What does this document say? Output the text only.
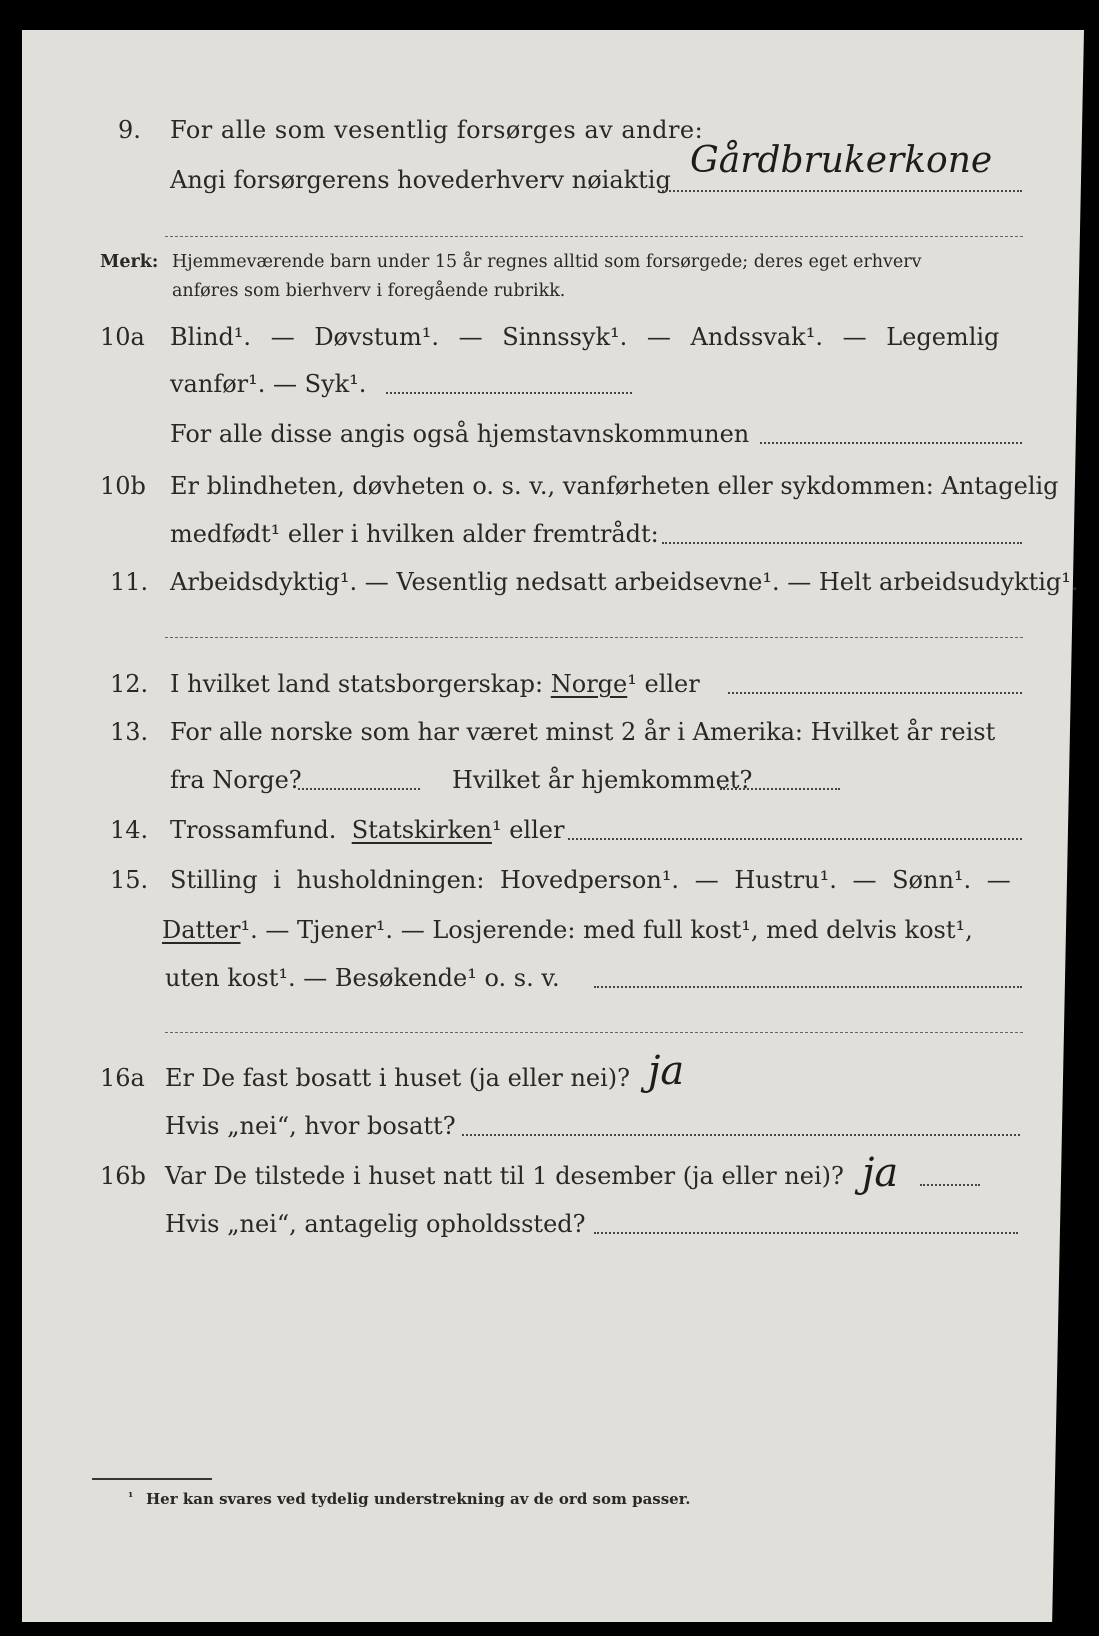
9. For alle som vesentlig forsørges av andre:
Angi forsørgerens hovederhverv nøiaktig Gårdbrukerkone
Merk: Hjemmeværende barn under 15 år regnes alltid som forsørgede; deres eget erhverv
anføres som bierhverv i foregående rubrikk.
10a Blind¹. — Døvstum¹. — Sinnssyk¹. — Andssvak¹. — Legemlig
vanfør¹. — Syk¹.
For alle disse angis også hjemstavnskommunen
10b Er blindheten, døvheten o. s. v., vanførheten eller sykdommen: Antagelig
medfødt¹ eller i hvilken alder fremtrådt:
11. Arbeidsdyktig¹. — Vesentlig nedsatt arbeidsevne¹. — Helt arbeidsudyktig¹.
12. I hvilket land statsborgerskap: Norge¹ eller
13. For alle norske som har været minst 2 år i Amerika: Hvilket år reist
fra Norge?	Hvilket år hjemkommet?
14. Trossamfund. Statskirken¹ eller
15. Stilling i husholdningen: Hovedperson¹. — Hustru¹. — Sønn¹. —
Datter¹. — Tjener¹. — Losjerende: med full kost¹, med delvis kost¹,
uten kost¹. — Besøkende¹ o. s. v.
16a Er De fast bosatt i huset (ja eller nei)? ja
Hvis „nei“, hvor bosatt?
16b Var De tilstede i huset natt til 1 desember (ja eller nei)? ja
Hvis „nei“, antagelig opholdssted?
¹ Her kan svares ved tydelig understrekning av de ord som passer.
